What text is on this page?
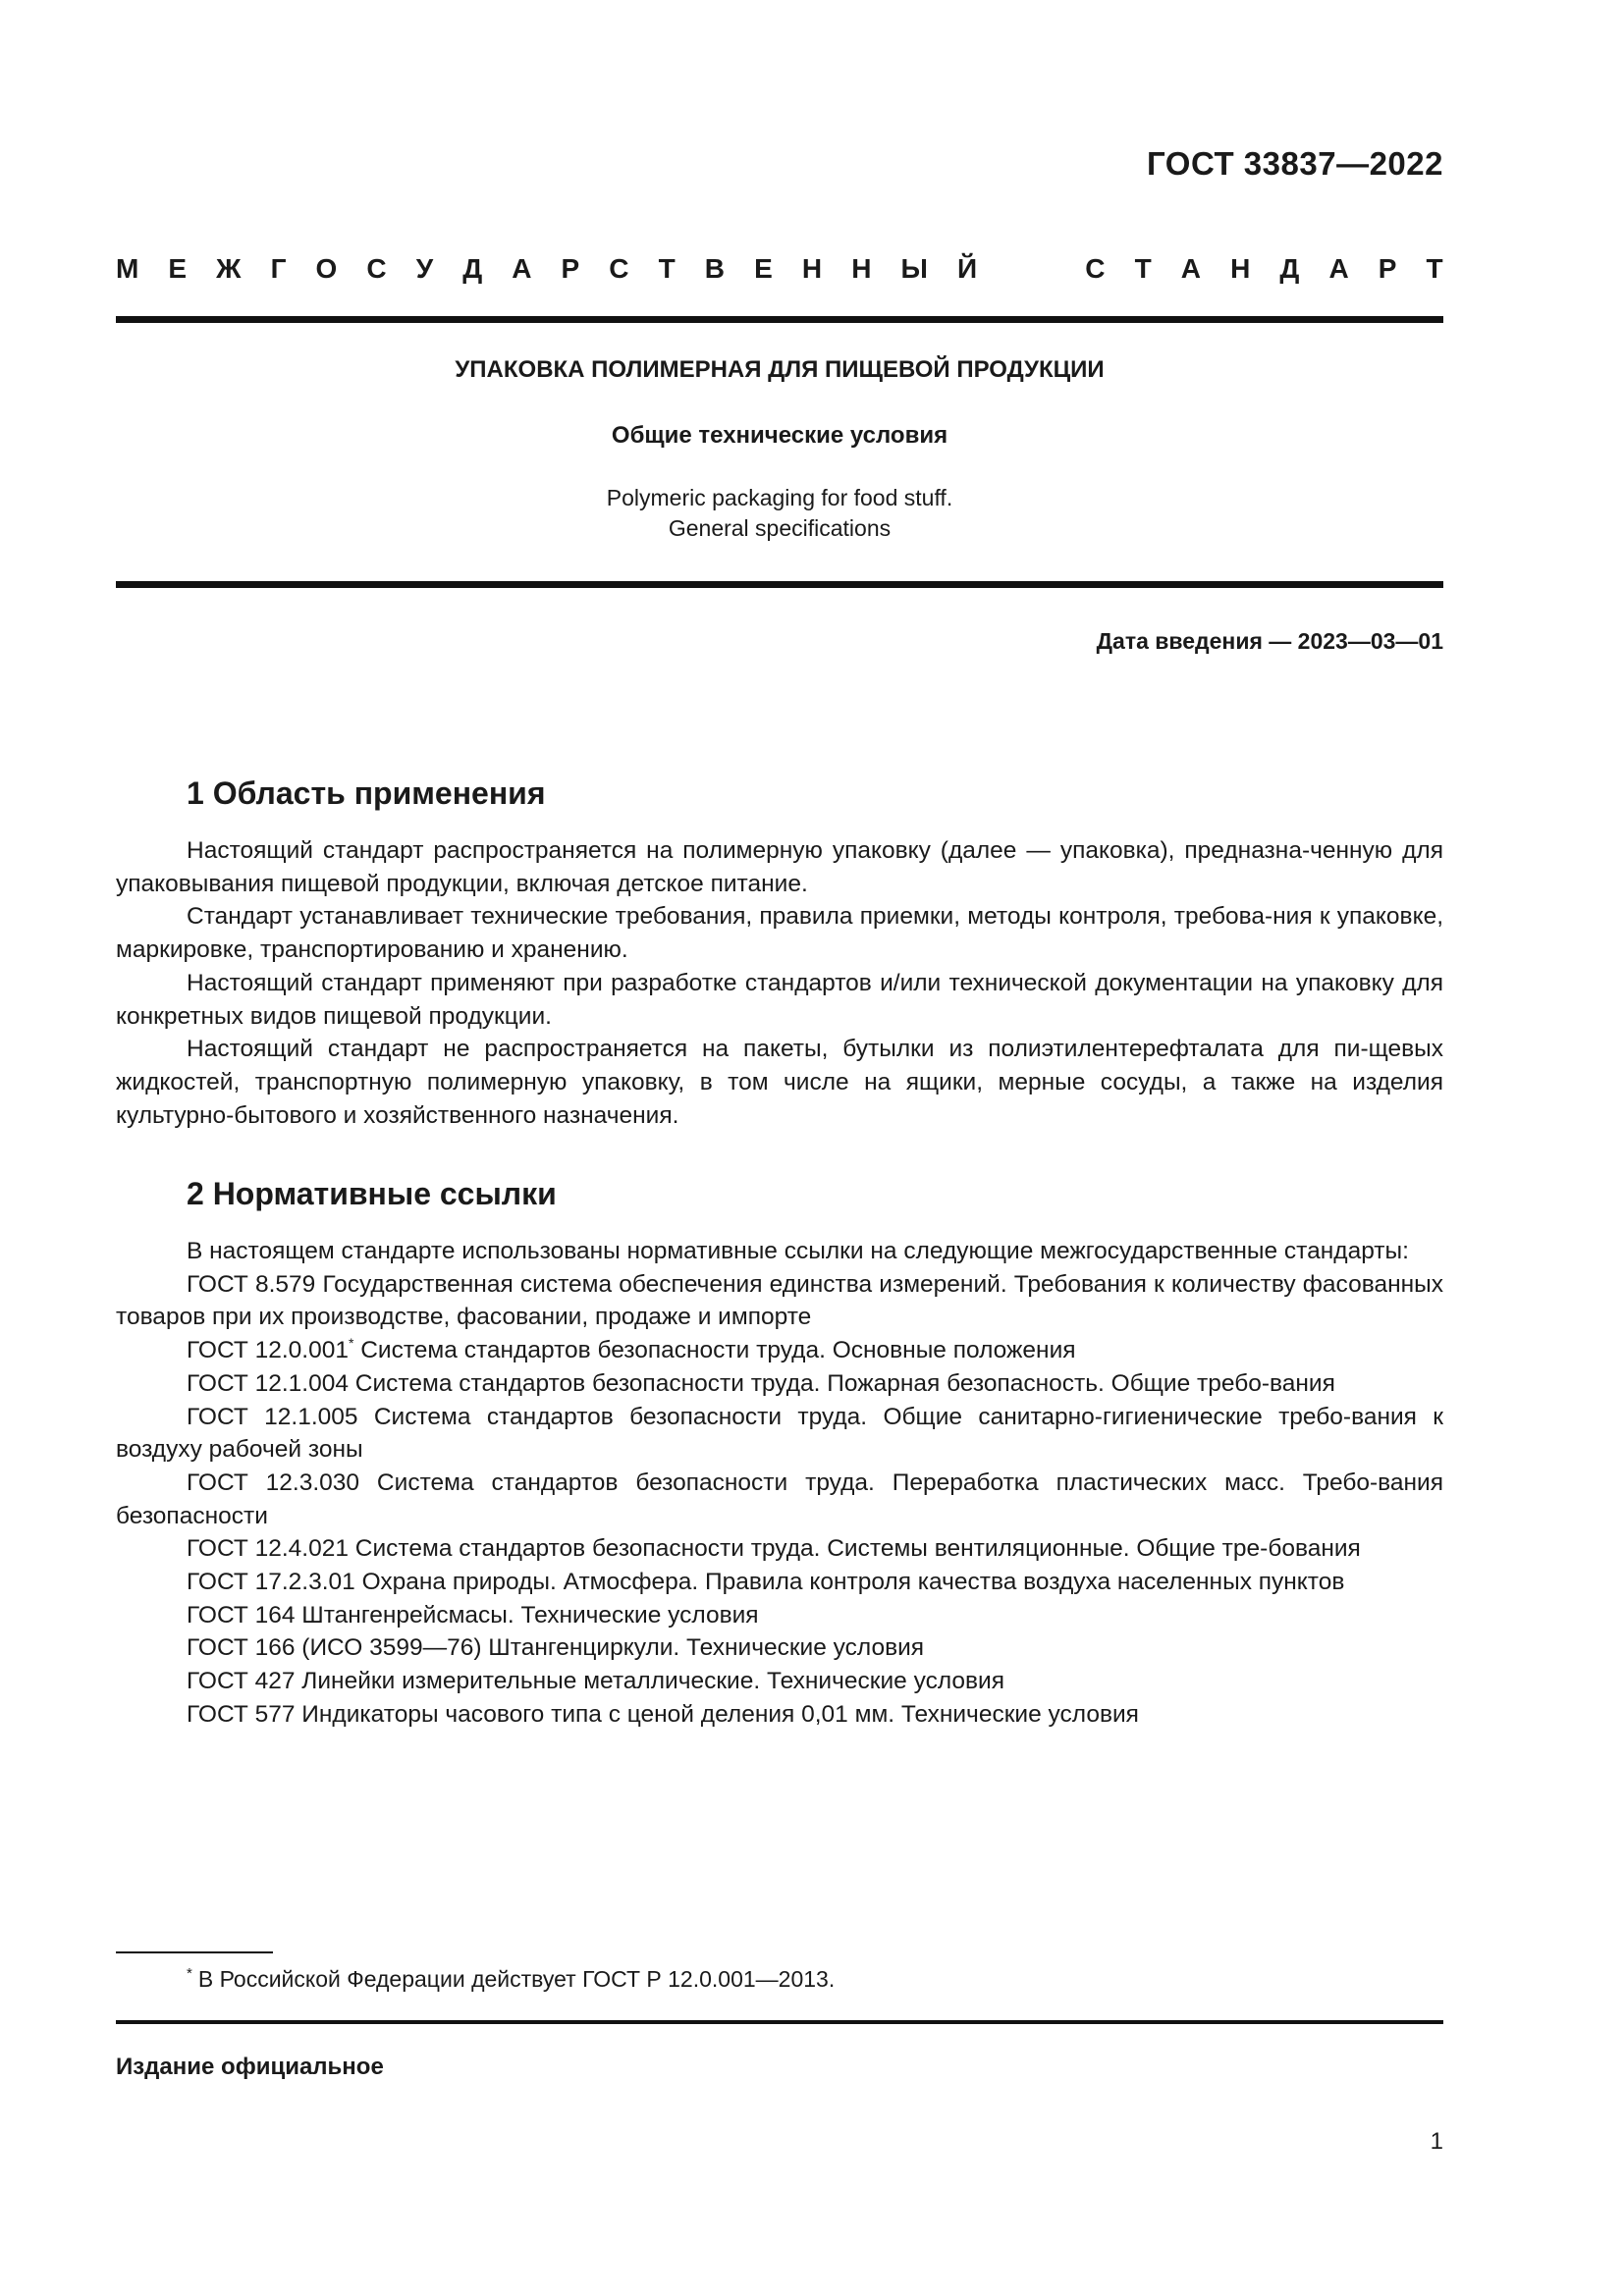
ГОСТ 33837—2022
М Е Ж Г О С У Д А Р С Т В Е Н Н Ы Й	С Т А Н Д А Р Т
УПАКОВКА ПОЛИМЕРНАЯ ДЛЯ ПИЩЕВОЙ ПРОДУКЦИИ
Общие технические условия
Polymeric packaging for food stuff.
General specifications
Дата введения — 2023—03—01
1 Область применения

Настоящий стандарт распространяется на полимерную упаковку (далее — упаковка), предназна-ченную для упаковывания пищевой продукции, включая детское питание.

Стандарт устанавливает технические требования, правила приемки, методы контроля, требова-ния к упаковке, маркировке, транспортированию и хранению.

Настоящий стандарт применяют при разработке стандартов и/или технической документации на упаковку для конкретных видов пищевой продукции.

Настоящий стандарт не распространяется на пакеты, бутылки из полиэтилентерефталата для пи-щевых жидкостей, транспортную полимерную упаковку, в том числе на ящики, мерные сосуды, а также на изделия культурно-бытового и хозяйственного назначения.

2 Нормативные ссылки

В настоящем стандарте использованы нормативные ссылки на следующие межгосударственные стандарты:

ГОСТ 8.579 Государственная система обеспечения единства измерений. Требования к количеству фасованных товаров при их производстве, фасовании, продаже и импорте

ГОСТ 12.0.001* Система стандартов безопасности труда. Основные положения

ГОСТ 12.1.004 Система стандартов безопасности труда. Пожарная безопасность. Общие требо-вания

ГОСТ 12.1.005 Система стандартов безопасности труда. Общие санитарно-гигиенические требо-вания к воздуху рабочей зоны

ГОСТ 12.3.030 Система стандартов безопасности труда. Переработка пластических масс. Требо-вания безопасности

ГОСТ 12.4.021 Система стандартов безопасности труда. Системы вентиляционные. Общие тре-бования

ГОСТ 17.2.3.01 Охрана природы. Атмосфера. Правила контроля качества воздуха населенных пунктов

ГОСТ 164 Штангенрейсмасы. Технические условия

ГОСТ 166 (ИСО 3599—76) Штангенциркули. Технические условия

ГОСТ 427 Линейки измерительные металлические. Технические условия

ГОСТ 577 Индикаторы часового типа с ценой деления 0,01 мм. Технические условия

* В Российской Федерации действует ГОСТ Р 12.0.001—2013.
Издание официальное
1
